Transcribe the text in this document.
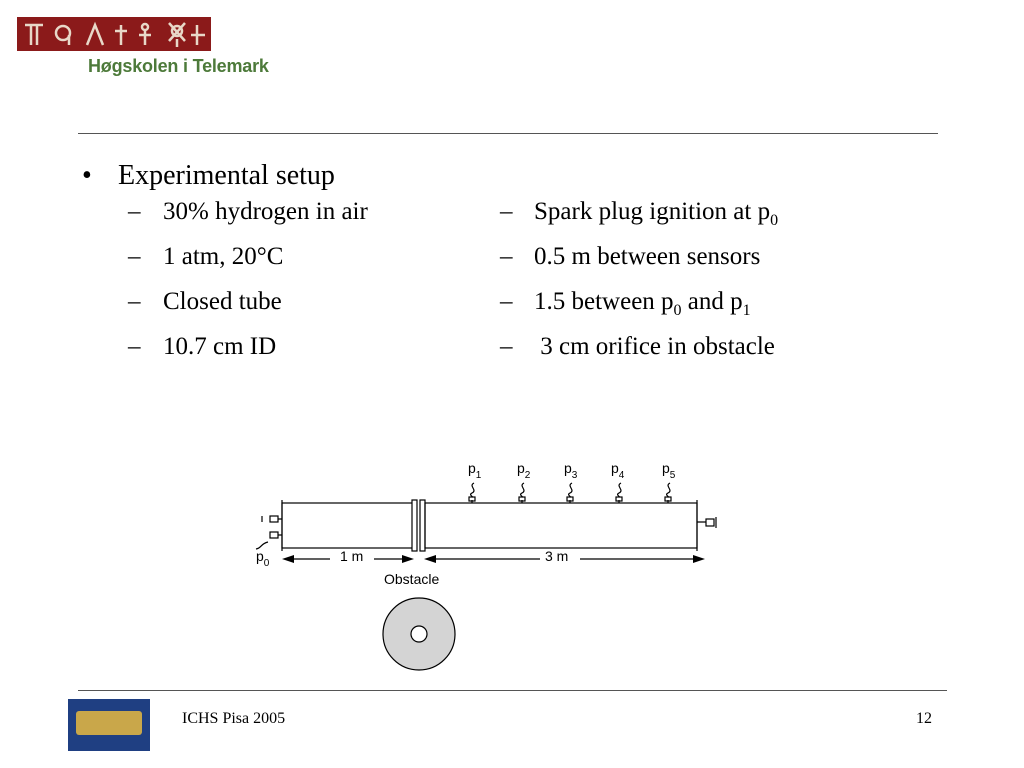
Høgskolen i Telemark
• Experimental setup
– 30% hydrogen in air
– 1 atm, 20°C
– Closed tube
– 10.7 cm ID
– Spark plug ignition at $p_0$
– 0.5 m between sensors
– 1.5 between $p_0$ and $p_1$
– 3 cm orifice in obstacle
$p_1$	$p_2$ $p_3$ $p_4$	$p_5$
$p_0$	1 m	3 m
Obstacle
ICHS Pisa 2005	12
